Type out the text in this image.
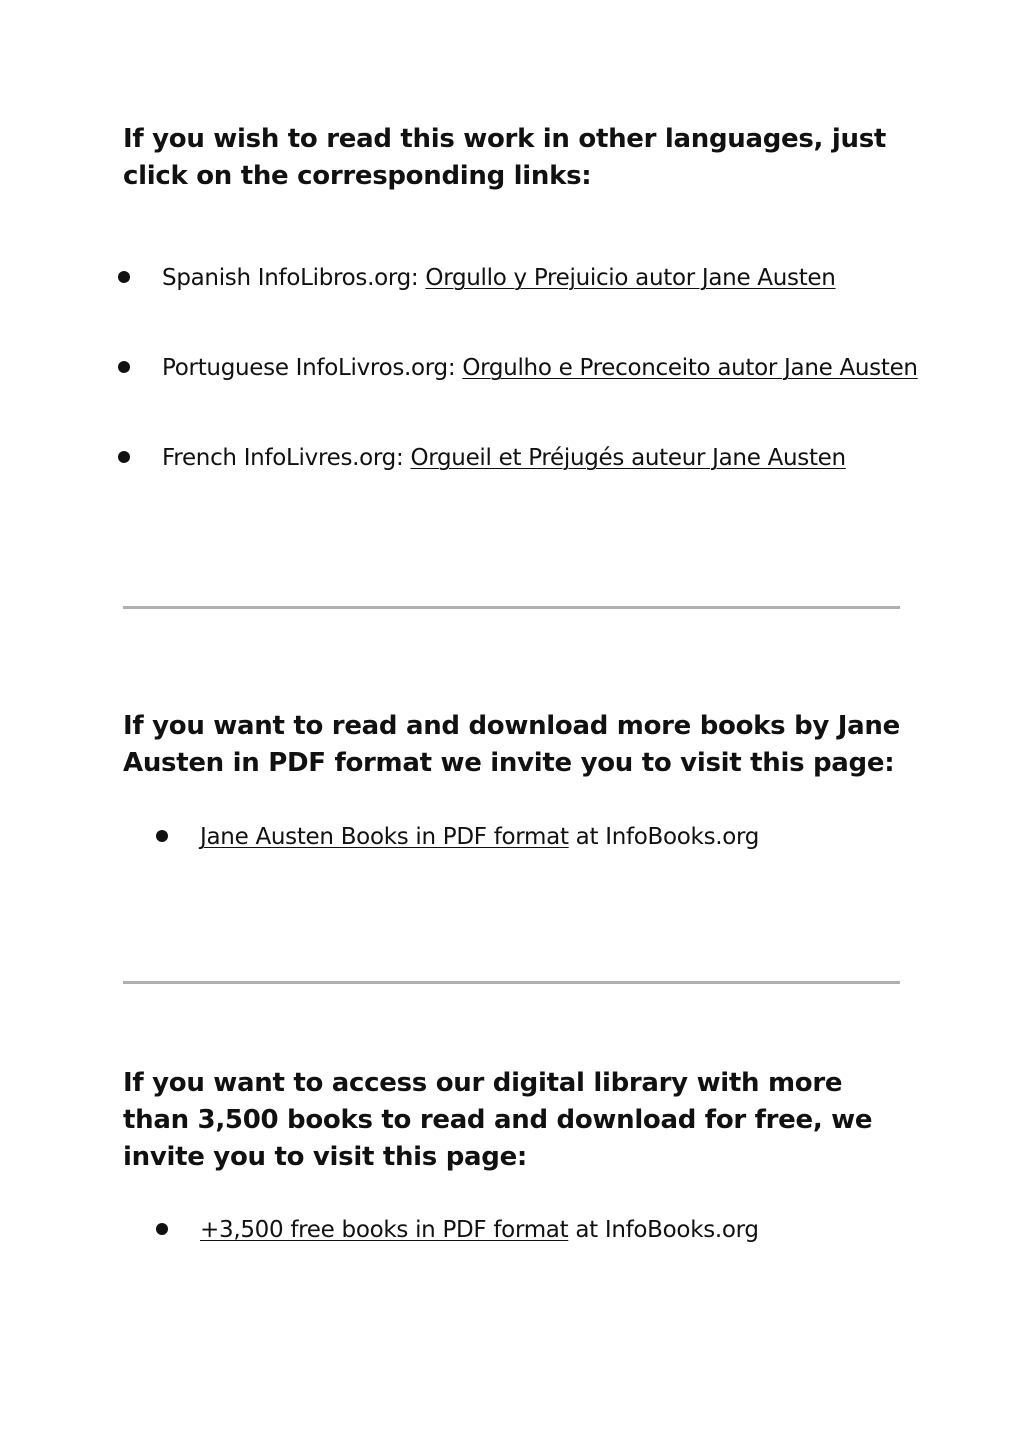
If you wish to read this work in other languages, just click on the corresponding links:
Spanish InfoLibros.org: Orgullo y Prejuicio autor Jane Austen
Portuguese InfoLivros.org: Orgulho e Preconceito autor Jane Austen
French InfoLivres.org: Orgueil et Préjugés auteur Jane Austen
If you want to read and download more books by Jane Austen in PDF format we invite you to visit this page:
Jane Austen Books in PDF format at InfoBooks.org
If you want to access our digital library with more than 3,500 books to read and download for free, we invite you to visit this page:
+3,500 free books in PDF format at InfoBooks.org
